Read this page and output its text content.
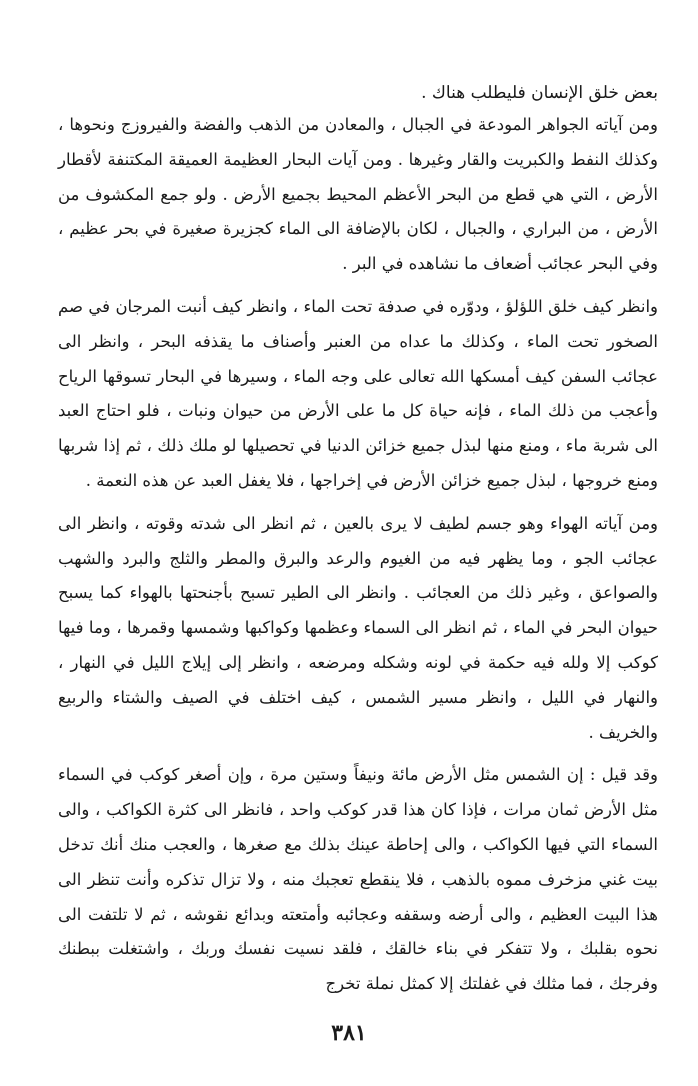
بعض خلق الإنسان فليطلب هناك .

ومن آياته الجواهر المودعة في الجبال ، والمعادن من الذهب والفضة والفيروزج ونحوها ، وكذلك النفط والكبريت والقار وغيرها . ومن آيات البحار العظيمة العميقة المكتنفة لأقطار الأرض ، التي هي قطع من البحر الأعظم المحيط بجميع الأرض . ولو جمع المكشوف من الأرض ، من البراري ، والجبال ، لكان بالإضافة الى الماء كجزيرة صغيرة في بحر عظيم ، وفي البحر عجائب أضعاف ما نشاهده في البر .

وانظر كيف خلق اللؤلؤ ، ودوّره في صدفة تحت الماء ، وانظر كيف أنبت المرجان في صم الصخور تحت الماء ، وكذلك ما عداه من العنبر وأصناف ما يقذفه البحر ، وانظر الى عجائب السفن كيف أمسكها الله تعالى على وجه الماء ، وسيرها في البحار تسوقها الرياح وأعجب من ذلك الماء ، فإنه حياة كل ما على الأرض من حيوان ونبات ، فلو احتاج العبد الى شربة ماء ، ومنع منها لبذل جميع خزائن الدنيا في تحصيلها لو ملك ذلك ، ثم إذا شربها ومنع خروجها ، لبذل جميع خزائن الأرض في إخراجها ، فلا يغفل العبد عن هذه النعمة .

ومن آياته الهواء وهو جسم لطيف لا يرى بالعين ، ثم انظر الى شدته وقوته ، وانظر الى عجائب الجو ، وما يظهر فيه من الغيوم والرعد والبرق والمطر والثلج والبرد والشهب والصواعق ، وغير ذلك من العجائب . وانظر الى الطير تسبح بأجنحتها بالهواء كما يسبح حيوان البحر في الماء ، ثم انظر الى السماء وعظمها وكواكبها وشمسها وقمرها ، وما فيها كوكب إلا ولله فيه حكمة في لونه وشكله ومرضعه ، وانظر إلى إيلاج الليل في النهار ، والنهار في الليل ، وانظر مسير الشمس ، كيف اختلف في الصيف والشتاء والربيع والخريف .

وقد قيل : إن الشمس مثل الأرض مائة ونيفاً وستين مرة ، وإن أصغر كوكب في السماء مثل الأرض ثمان مرات ، فإذا كان هذا قدر كوكب واحد ، فانظر الى كثرة الكواكب ، والى السماء التي فيها الكواكب ، والى إحاطة عينك بذلك مع صغرها ، والعجب منك أنك تدخل بيت غني مزخرف مموه بالذهب ، فلا ينقطع تعجبك منه ، ولا تزال تذكره وأنت تنظر الى هذا البيت العظيم ، والى أرضه وسقفه وعجائبه وأمتعته وبدائع نقوشه ، ثم لا تلتفت الى نحوه بقلبك ، ولا تتفكر في بناء خالقك ، فلقد نسيت نفسك وربك ، واشتغلت ببطنك وفرجك ، فما مثلك في غفلتك إلا كمثل نملة تخرج

٣٨١
